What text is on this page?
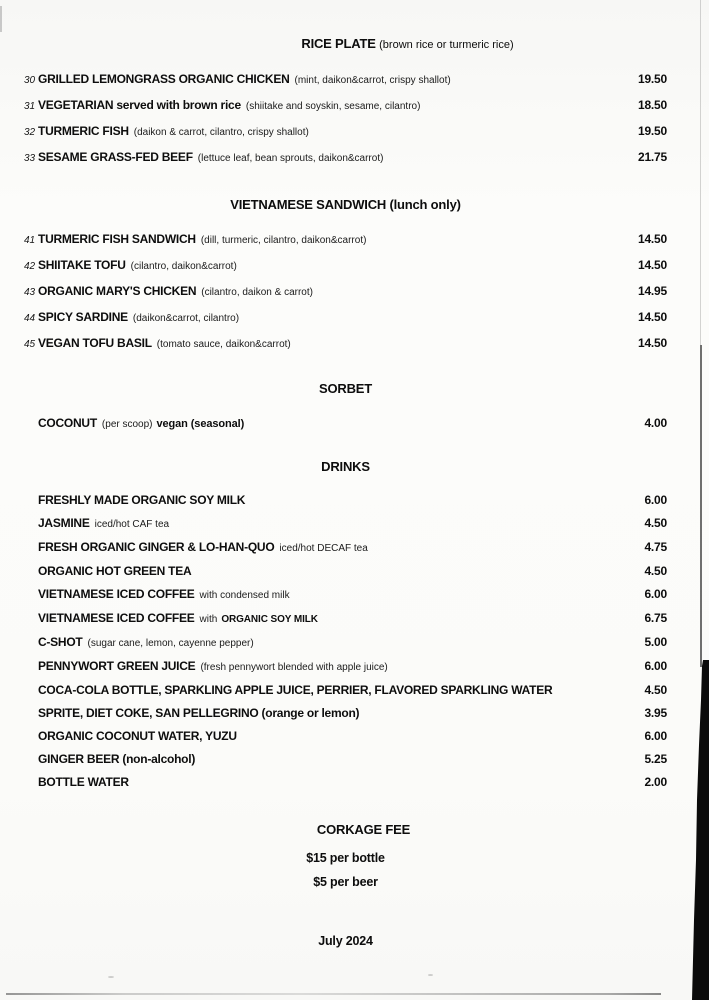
RICE PLATE (brown rice or turmeric rice)
30 GRILLED LEMONGRASS ORGANIC CHICKEN (mint, daikon&carrot, crispy shallot)	19.50
31 VEGETARIAN served with brown rice (shiitake and soyskin, sesame, cilantro)	18.50
32 TURMERIC FISH (daikon & carrot, cilantro, crispy shallot)	19.50
33 SESAME GRASS-FED BEEF (lettuce leaf, bean sprouts, daikon&carrot)	21.75
VIETNAMESE SANDWICH (lunch only)
41 TURMERIC FISH SANDWICH (dill, turmeric, cilantro, daikon&carrot)	14.50
42 SHIITAKE TOFU (cilantro, daikon&carrot)	14.50
43 ORGANIC MARY'S CHICKEN (cilantro, daikon & carrot)	14.95
44 SPICY SARDINE (daikon&carrot, cilantro)	14.50
45 VEGAN TOFU BASIL (tomato sauce, daikon&carrot)	14.50
SORBET
COCONUT (per scoop) vegan (seasonal)	4.00
DRINKS
FRESHLY MADE ORGANIC SOY MILK	6.00
JASMINE iced/hot CAF tea	4.50
FRESH ORGANIC GINGER & LO-HAN-QUO iced/hot DECAF tea	4.75
ORGANIC HOT GREEN TEA	4.50
VIETNAMESE ICED COFFEE with condensed milk	6.00
VIETNAMESE ICED COFFEE with ORGANIC SOY MILK	6.75
C-SHOT (sugar cane, lemon, cayenne pepper)	5.00
PENNYWORT GREEN JUICE (fresh pennywort blended with apple juice)	6.00
COCA-COLA BOTTLE, SPARKLING APPLE JUICE, PERRIER, FLAVORED SPARKLING WATER	4.50
SPRITE, DIET COKE, SAN PELLEGRINO (orange or lemon)	3.95
ORGANIC COCONUT WATER, YUZU	6.00
GINGER BEER (non-alcohol)	5.25
BOTTLE WATER	2.00
CORKAGE FEE
$15 per bottle
$5 per beer
July 2024
